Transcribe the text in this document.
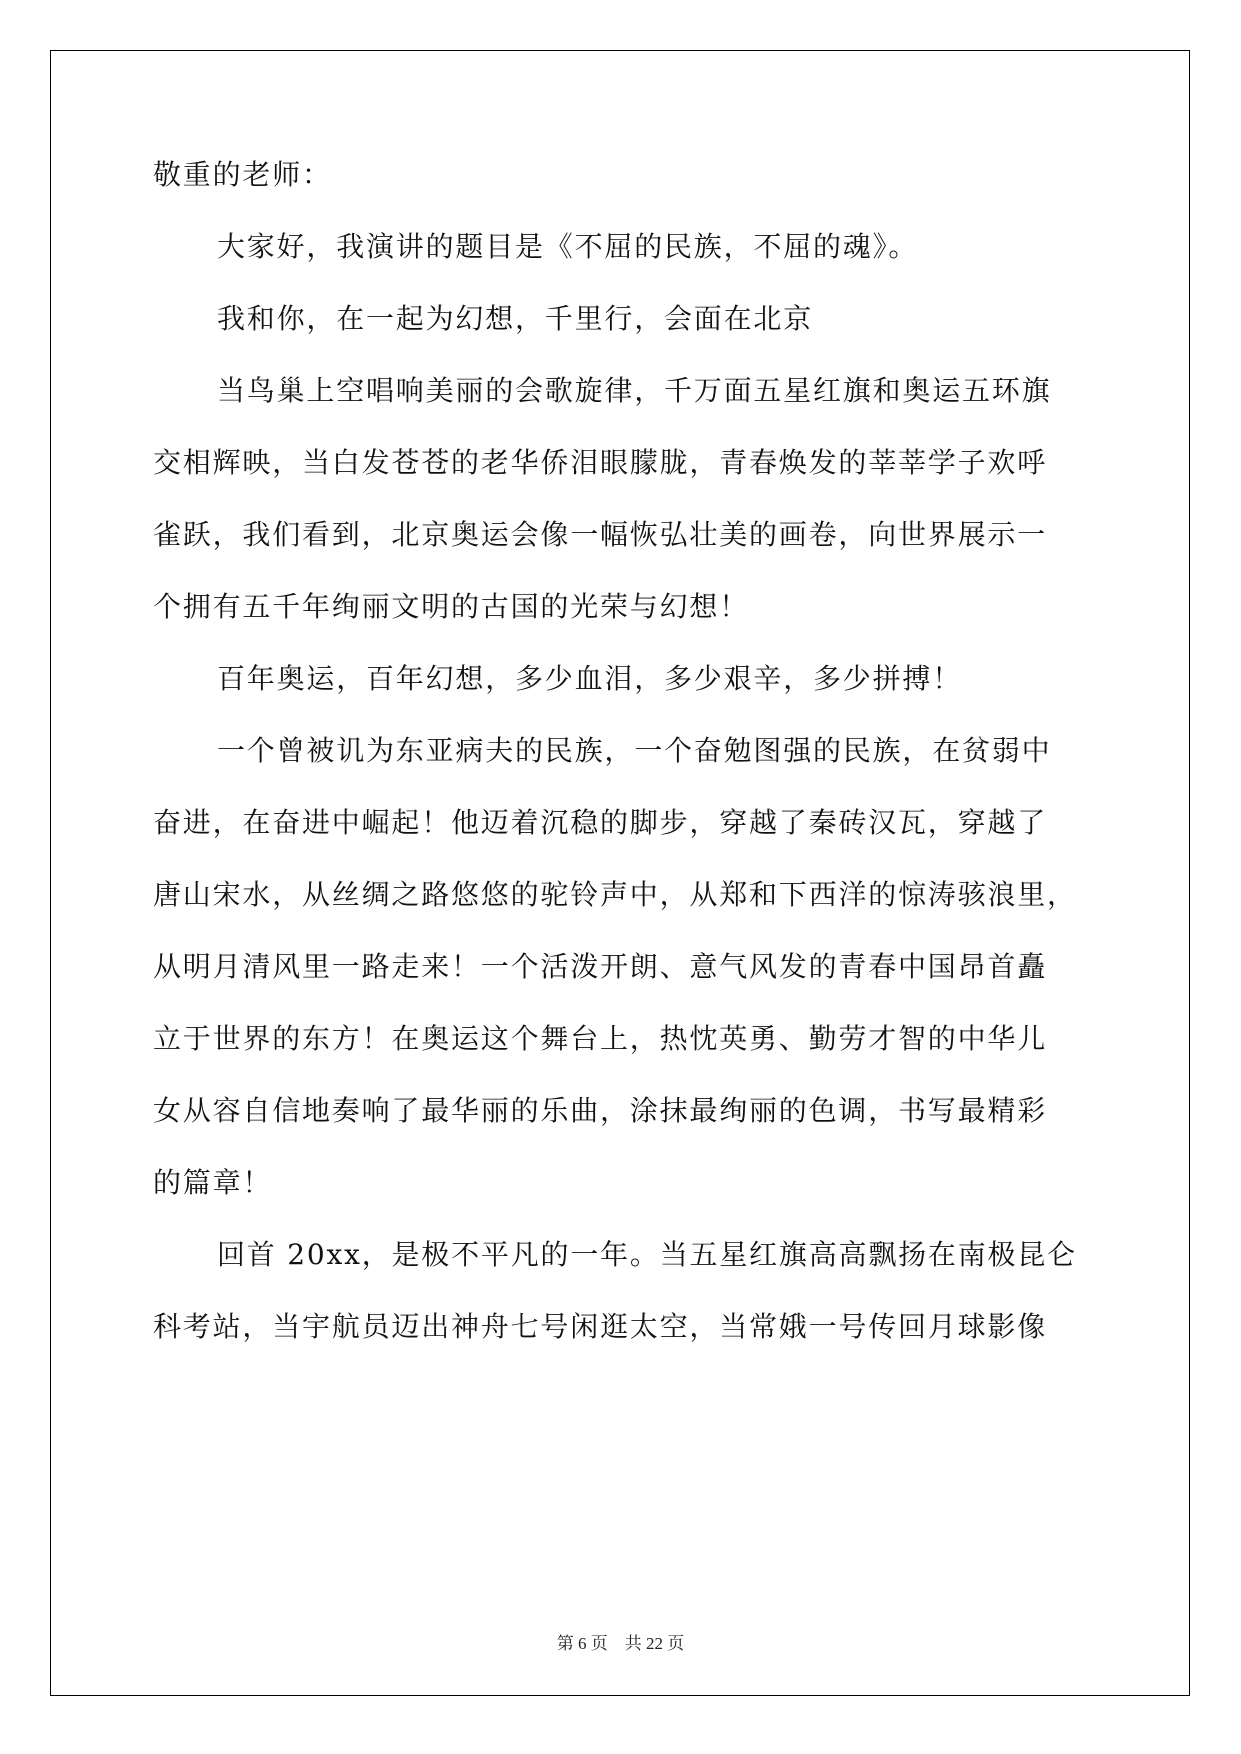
敬重的老师：
大家好，我演讲的题目是《不屈的民族，不屈的魂》。
我和你，在一起为幻想，千里行，会面在北京
当鸟巢上空唱响美丽的会歌旋律，千万面五星红旗和奥运五环旗
交相辉映，当白发苍苍的老华侨泪眼朦胧，青春焕发的莘莘学子欢呼
雀跃，我们看到，北京奥运会像一幅恢弘壮美的画卷，向世界展示一
个拥有五千年绚丽文明的古国的光荣与幻想！
百年奥运，百年幻想，多少血泪，多少艰辛，多少拼搏！
一个曾被讥为东亚病夫的民族，一个奋勉图强的民族，在贫弱中
奋进，在奋进中崛起！他迈着沉稳的脚步，穿越了秦砖汉瓦，穿越了
唐山宋水，从丝绸之路悠悠的驼铃声中，从郑和下西洋的惊涛骇浪里，
从明月清风里一路走来！一个活泼开朗、意气风发的青春中国昂首矗
立于世界的东方！在奥运这个舞台上，热忱英勇、勤劳才智的中华儿
女从容自信地奏响了最华丽的乐曲，涂抹最绚丽的色调，书写最精彩
的篇章！
回首 20xx，是极不平凡的一年。当五星红旗高高飘扬在南极昆仑
科考站，当宇航员迈出神舟七号闲逛太空，当常娥一号传回月球影像
第 6 页　共 22 页
